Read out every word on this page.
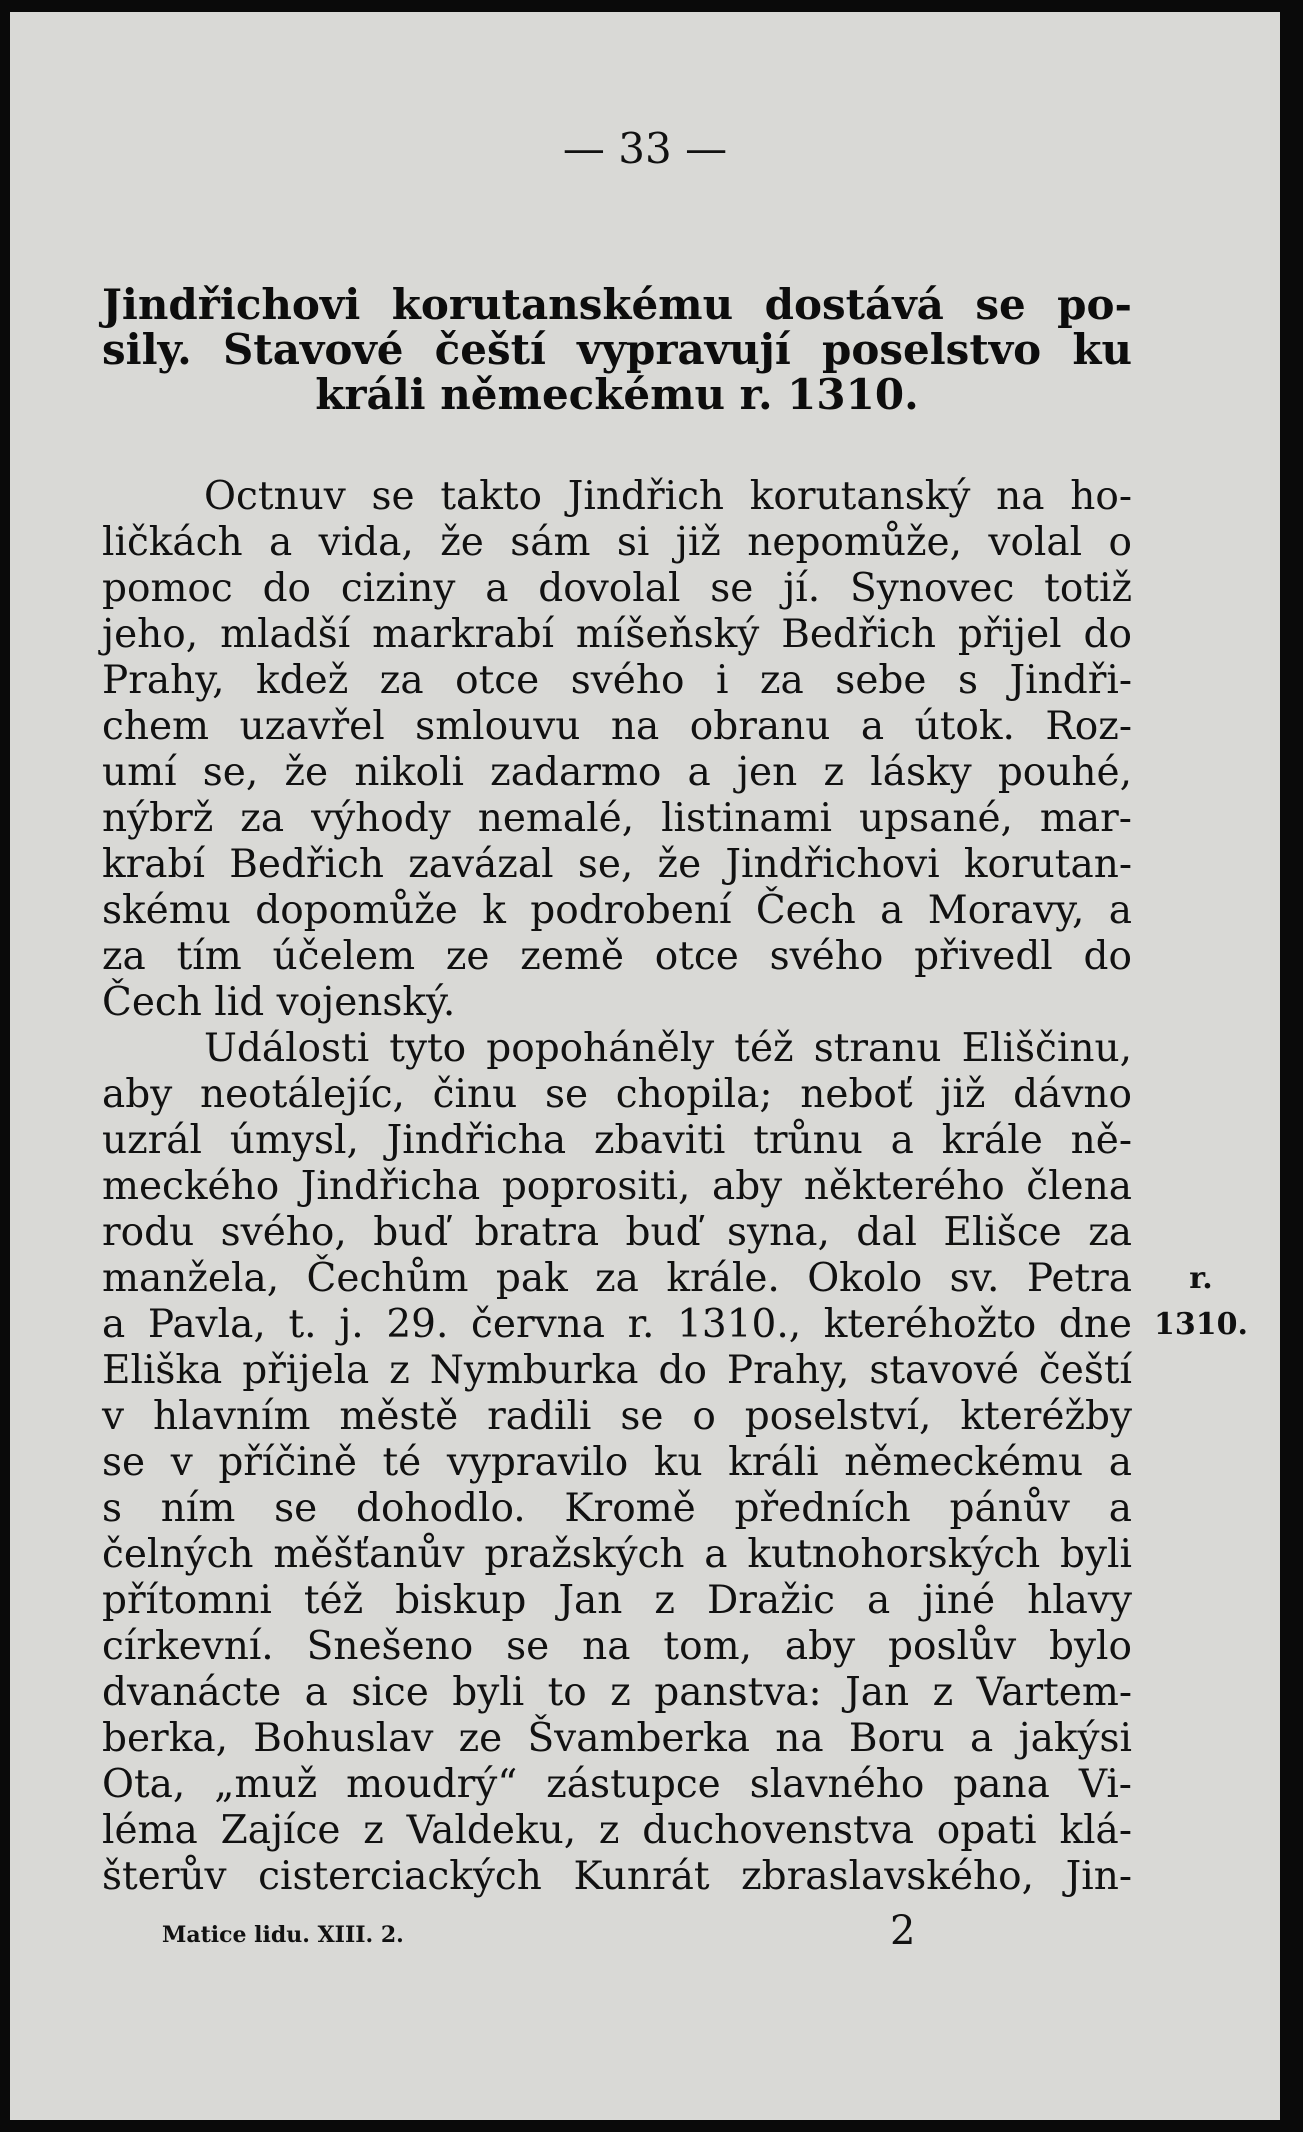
— 33 —
Jindřichovi korutanskému dostává se po-
sily. Stavové čeští vypravují poselstvo ku
králi německému r. 1310.
Octnuv se takto Jindřich korutanský na ho-
ličkách a vida, že sám si již nepomůže, volal o
pomoc do ciziny a dovolal se jí. Synovec totiž
jeho, mladší markrabí míšeňský Bedřich přijel do
Prahy, kdež za otce svého i za sebe s Jindři-
chem uzavřel smlouvu na obranu a útok. Roz-
umí se, že nikoli zadarmo a jen z lásky pouhé,
nýbrž za výhody nemalé, listinami upsané, mar-
krabí Bedřich zavázal se, že Jindřichovi korutan-
skému dopomůže k podrobení Čech a Moravy, a
za tím účelem ze země otce svého přivedl do
Čech lid vojenský.
Události tyto popoháněly též stranu Eliščinu,
aby neotálejíc, činu se chopila; neboť již dávno
uzrál úmysl, Jindřicha zbaviti trůnu a krále ně-
meckého Jindřicha poprositi, aby některého člena
rodu svého, buď bratra buď syna, dal Elišce za
manžela, Čechům pak za krále. Okolo sv. Petra
a Pavla, t. j. 29. června r. 1310., kteréhožto dne
Eliška přijela z Nymburka do Prahy, stavové čeští
v hlavním městě radili se o poselství, kteréžby
se v příčině té vypravilo ku králi německému a
s ním se dohodlo. Kromě předních pánův a
čelných měšťanův pražských a kutnohorských byli
přítomni též biskup Jan z Dražic a jiné hlavy
církevní. Snešeno se na tom, aby poslův bylo
dvanácte a sice byli to z panstva: Jan z Vartem-
berka, Bohuslav ze Švamberka na Boru a jakýsi
Ota, „muž moudrý“ zástupce slavného pana Vi-
léma Zajíce z Valdeku, z duchovenstva opati klá-
šterův cisterciackých Kunrát zbraslavského, Jin-
r.
1310.
Matice lidu. XIII. 2.	2
